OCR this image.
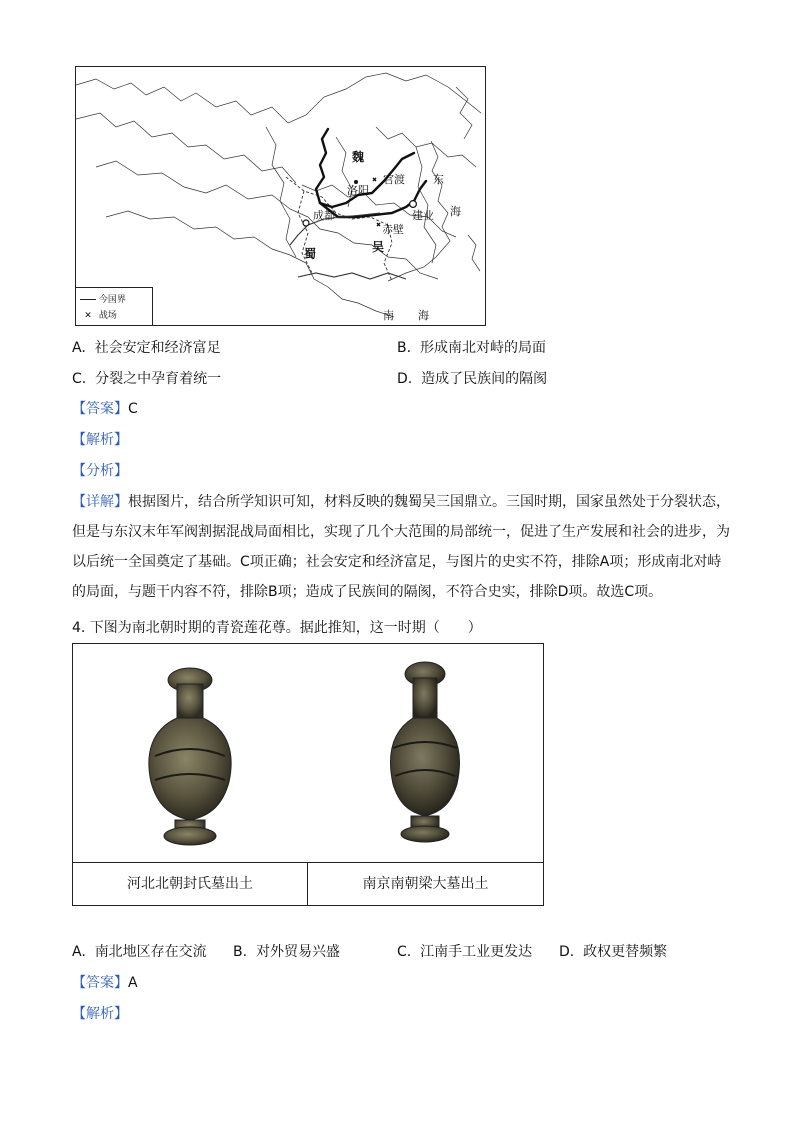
魏
官渡
洛阳
东
海
成都	建业
蜀	吴
赤壁
南 海
今国界
✕ 战场
A. 社会安定和经济富足	B. 形成南北对峙的局面
C. 分裂之中孕育着统一	D. 造成了民族间的隔阂
【答案】C
【解析】
【分析】
【详解】根据图片，结合所学知识可知，材料反映的魏蜀吴三国鼎立。三国时期，国家虽然处于分裂状态，但是与东汉末年军阀割据混战局面相比，实现了几个大范围的局部统一，促进了生产发展和社会的进步，为以后统一全国奠定了基础。C项正确；社会安定和经济富足，与图片的史实不符，排除A项；形成南北对峙的局面，与题干内容不符，排除B项；造成了民族间的隔阂，不符合史实，排除D项。故选C项。
4. 下图为南北朝时期的青瓷莲花尊。据此推知，这一时期（　　）
河北北朝封氏墓出土	南京南朝梁大墓出土
A. 南北地区存在交流 B. 对外贸易兴盛	C. 江南手工业更发达 D. 政权更替频繁
【答案】A
【解析】
